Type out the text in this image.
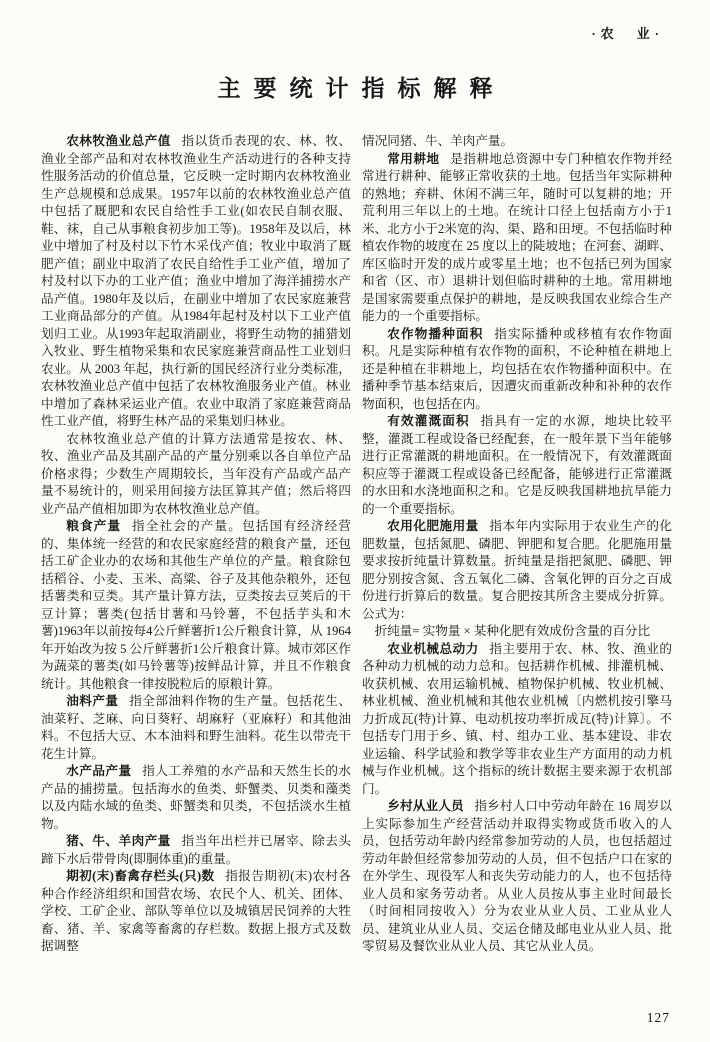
·农　业·
主要统计指标解释

农林牧渔业总产值 指以货币表现的农、林、牧、渔业全部产品和对农林牧渔业生产活动进行的各种支持性服务活动的价值总量，它反映一定时期内农林牧渔业生产总规模和总成果。1957年以前的农林牧渔业总产值中包括了厩肥和农民自给性手工业(如农民自制衣服、鞋、袜，自己从事粮食初步加工等)。1958年及以后，林业中增加了村及村以下竹木采伐产值；牧业中取消了厩肥产值；副业中取消了农民自给性手工业产值，增加了村及村以下办的工业产值；渔业中增加了海洋捕捞水产品产值。1980年及以后，在副业中增加了农民家庭兼营工业商品部分的产值。从1984年起村及村以下工业产值划归工业。从1993年起取消副业，将野生动物的捕猎划入牧业、野生植物采集和农民家庭兼营商品性工业划归农业。从 2003 年起，执行新的国民经济行业分类标准，农林牧渔业总产值中包括了农林牧渔服务业产值。林业中增加了森林采运业产值。农业中取消了家庭兼营商品性工业产值，将野生林产品的采集划归林业。

农林牧渔业总产值的计算方法通常是按农、林、牧、渔业产品及其副产品的产量分别乘以各自单位产品价格求得；少数生产周期较长，当年没有产品或产品产量不易统计的，则采用间接方法匡算其产值；然后将四业产品产值相加即为农林牧渔业总产值。

粮食产量 指全社会的产量。包括国有经济经营的、集体统一经营的和农民家庭经营的粮食产量，还包括工矿企业办的农场和其他生产单位的产量。粮食除包括稻谷、小麦、玉米、高粱、谷子及其他杂粮外，还包括薯类和豆类。其产量计算方法，豆类按去豆荚后的干豆计算；薯类(包括甘薯和马铃薯，不包括芋头和木薯)1963年以前按每4公斤鲜薯折1公斤粮食计算，从 1964 年开始改为按 5 公斤鲜薯折1公斤粮食计算。城市郊区作为蔬菜的薯类(如马铃薯等)按鲜品计算，并且不作粮食统计。其他粮食一律按脱粒后的原粮计算。

油料产量 指全部油料作物的生产量。包括花生、油菜籽、芝麻、向日葵籽、胡麻籽（亚麻籽）和其他油料。不包括大豆、木本油料和野生油料。花生以带壳干花生计算。

水产品产量 指人工养殖的水产品和天然生长的水产品的捕捞量。包括海水的鱼类、虾蟹类、贝类和藻类以及内陆水域的鱼类、虾蟹类和贝类，不包括淡水生植物。

猪、牛、羊肉产量 指当年出栏并已屠宰、除去头蹄下水后带骨肉(即胴体重)的重量。

期初(末)畜禽存栏头(只)数 指报告期初(末)农村各种合作经济组织和国营农场、农民个人、机关、团体、学校、工矿企业、部队等单位以及城镇居民饲养的大牲畜、猪、羊、家禽等畜禽的存栏数。数据上报方式及数据调整

情况同猪、牛、羊肉产量。

常用耕地 是指耕地总资源中专门种植农作物并经常进行耕种、能够正常收获的土地。包括当年实际耕种的熟地；弃耕、休闲不满三年，随时可以复耕的地；开荒利用三年以上的土地。在统计口径上包括南方小于1米、北方小于2米宽的沟、渠、路和田埂。不包括临时种植农作物的坡度在 25 度以上的陡坡地；在河套、湖畔、库区临时开发的成片或零星土地；也不包括已列为国家和省（区、市）退耕计划但临时耕种的土地。常用耕地是国家需要重点保护的耕地，是反映我国农业综合生产能力的一个重要指标。

农作物播种面积 指实际播种或移植有农作物面积。凡是实际种植有农作物的面积，不论种植在耕地上还是种植在非耕地上，均包括在农作物播种面积中。在播种季节基本结束后，因遭灾而重新改种和补种的农作物面积，也包括在内。

有效灌溉面积 指具有一定的水源，地块比较平整，灌溉工程或设备已经配套，在一般年景下当年能够进行正常灌溉的耕地面积。在一般情况下，有效灌溉面积应等于灌溉工程或设备已经配备，能够进行正常灌溉的水田和水浇地面积之和。它是反映我国耕地抗旱能力的一个重要指标。

农用化肥施用量 指本年内实际用于农业生产的化肥数量，包括氮肥、磷肥、钾肥和复合肥。化肥施用量要求按折纯量计算数量。折纯量是指把氮肥、磷肥、钾肥分别按含氮、含五氧化二磷、含氧化钾的百分之百成份进行折算后的数量。复合肥按其所含主要成分折算。公式为：

折纯量= 实物量 × 某种化肥有效成份含量的百分比

农业机械总动力 指主要用于农、林、牧、渔业的各种动力机械的动力总和。包括耕作机械、排灌机械、收获机械、农用运输机械、植物保护机械、牧业机械、林业机械、渔业机械和其他农业机械〔内燃机按引擎马力折成瓦(特)计算、电动机按功率折成瓦(特)计算〕。不包括专门用于乡、镇、村、组办工业、基本建设、非农业运输、科学试验和教学等非农业生产方面用的动力机械与作业机械。这个指标的统计数据主要来源于农机部门。

乡村从业人员 指乡村人口中劳动年龄在 16 周岁以上实际参加生产经营活动并取得实物或货币收入的人员，包括劳动年龄内经常参加劳动的人员，也包括超过劳动年龄但经常参加劳动的人员，但不包括户口在家的在外学生、现役军人和丧失劳动能力的人，也不包括待业人员和家务劳动者。从业人员按从事主业时间最长（时间相同按收入）分为农业从业人员、工业从业人员、建筑业从业人员、交运仓储及邮电业从业人员、批零贸易及餐饮业从业人员、其它从业人员。

127
